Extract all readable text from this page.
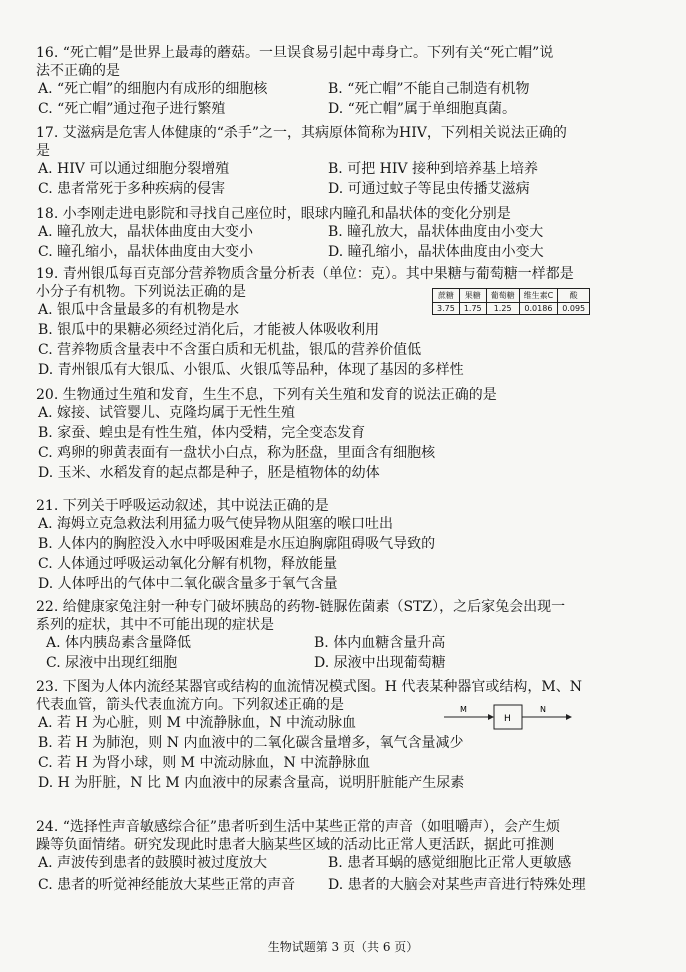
16. “死亡帽”是世界上最毒的蘑菇。一旦误食易引起中毒身亡。下列有关“死亡帽”说
法不正确的是
A. “死亡帽”的细胞内有成形的细胞核	B. “死亡帽”不能自己制造有机物
C. “死亡帽”通过孢子进行繁殖	D. “死亡帽”属于单细胞真菌。
17. 艾滋病是危害人体健康的“杀手”之一，其病原体简称为HIV，下列相关说法正确的
是
A. HIV 可以通过细胞分裂增殖	B. 可把 HIV 接种到培养基上培养
C. 患者常死于多种疾病的侵害	D. 可通过蚊子等昆虫传播艾滋病
18. 小李刚走进电影院和寻找自己座位时，眼球内瞳孔和晶状体的变化分别是
A. 瞳孔放大，晶状体曲度由大变小	B. 瞳孔放大，晶状体曲度由小变大
C. 瞳孔缩小，晶状体曲度由大变小	D. 瞳孔缩小，晶状体曲度由小变大
19. 青州银瓜每百克部分营养物质含量分析表（单位：克）。其中果糖与葡萄糖一样都是
小分子有机物。下列说法正确的是
A. 银瓜中含量最多的有机物是水
B. 银瓜中的果糖必须经过消化后，才能被人体吸收利用
C. 营养物质含量表中不含蛋白质和无机盐，银瓜的营养价值低
D. 青州银瓜有大银瓜、小银瓜、火银瓜等品种，体现了基因的多样性
蔗糖	果糖	葡萄糖	维生素C	酸
3.75	1.75	1.25	0.0186	0.095
20. 生物通过生殖和发育，生生不息，下列有关生殖和发育的说法正确的是
A. 嫁接、试管婴儿、克隆均属于无性生殖
B. 家蚕、蝗虫是有性生殖，体内受精，完全变态发育
C. 鸡卵的卵黄表面有一盘状小白点，称为胚盘，里面含有细胞核
D. 玉米、水稻发育的起点都是种子，胚是植物体的幼体
21. 下列关于呼吸运动叙述，其中说法正确的是
A. 海姆立克急救法利用猛力吸气使异物从阻塞的喉口吐出
B. 人体内的胸腔没入水中呼吸困难是水压迫胸廓阻碍吸气导致的
C. 人体通过呼吸运动氧化分解有机物，释放能量
D. 人体呼出的气体中二氧化碳含量多于氧气含量
22. 给健康家兔注射一种专门破坏胰岛的药物-链脲佐菌素（STZ），之后家兔会出现一
系列的症状，其中不可能出现的症状是
A. 体内胰岛素含量降低	B. 体内血糖含量升高
C. 尿液中出现红细胞	D. 尿液中出现葡萄糖
23. 下图为人体内流经某器官或结构的血流情况模式图。H 代表某种器官或结构，M、N
代表血管，箭头代表血流方向。下列叙述正确的是
A. 若 H 为心脏，则 M 中流静脉血，N 中流动脉血
B. 若 H 为肺泡，则 N 内血液中的二氧化碳含量增多，氧气含量减少
C. 若 H 为肾小球，则 M 中流动脉血，N 中流静脉血
D. H 为肝脏，N 比 M 内血液中的尿素含量高，说明肝脏能产生尿素
M
H
N
24. “选择性声音敏感综合征”患者听到生活中某些正常的声音（如咀嚼声），会产生烦
躁等负面情绪。研究发现此时患者大脑某些区域的活动比正常人更活跃，据此可推测
A. 声波传到患者的鼓膜时被过度放大	B. 患者耳蜗的感觉细胞比正常人更敏感
C. 患者的听觉神经能放大某些正常的声音 D. 患者的大脑会对某些声音进行特殊处理
生物试题第 3 页（共 6 页）
